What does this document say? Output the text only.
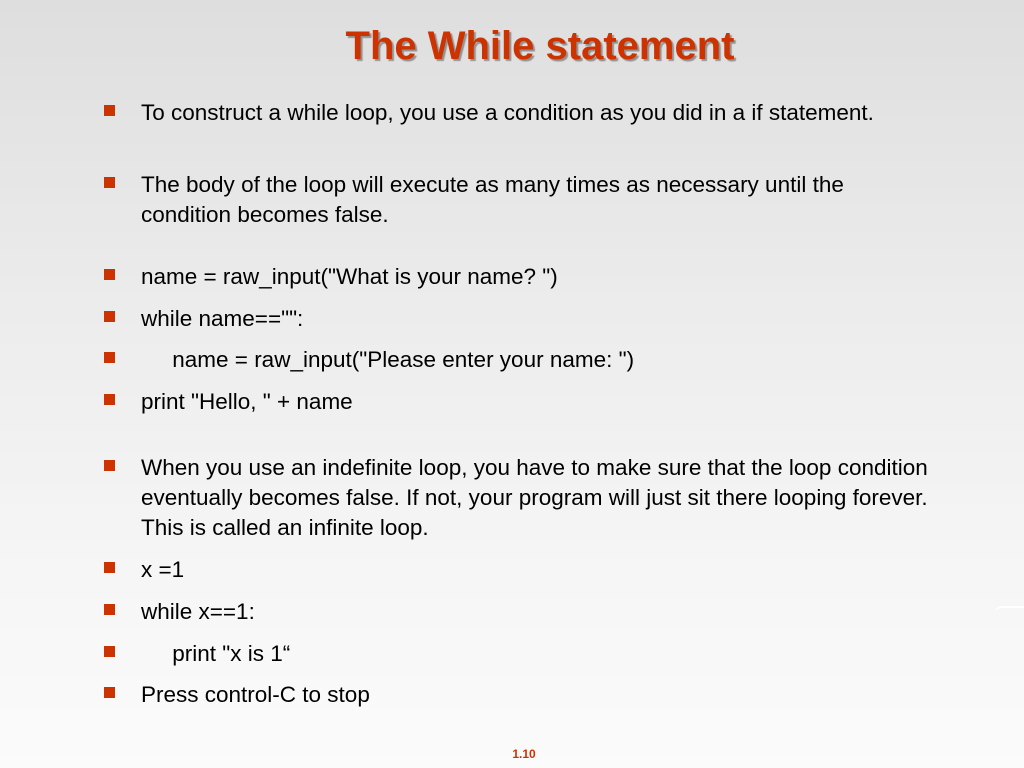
The While statement
To construct a while loop, you use a condition as you did in a if statement.
The body of the loop will execute as many times as necessary until the condition becomes false.
name = raw_input("What is your name? ")
while name=="":
name = raw_input("Please enter your name: ")
print "Hello, " + name
When you use an indefinite loop, you have to make sure that the loop condition eventually becomes false. If not, your program will just sit there looping forever. This is called an infinite loop.
x =1
while x==1:
print "x is 1“
Press control-C to stop
1.10
